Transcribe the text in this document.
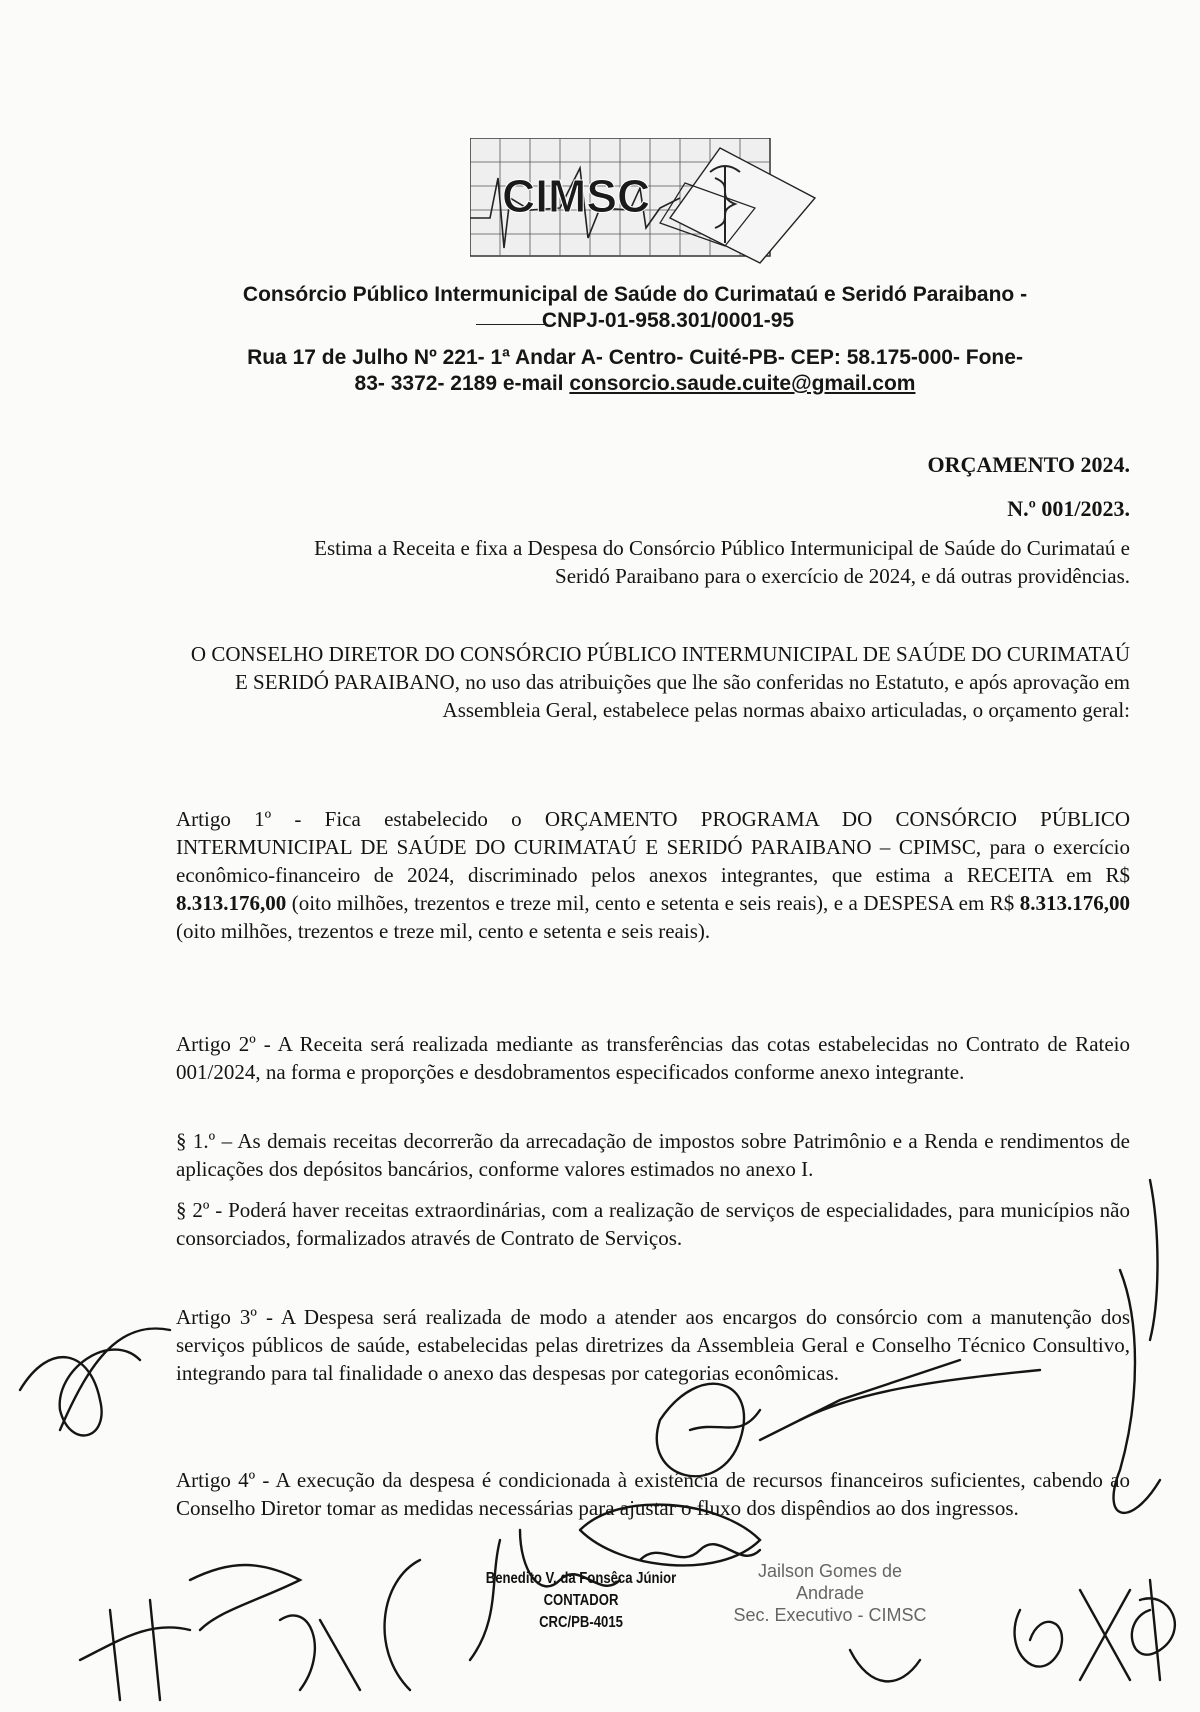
CIMSC
Consórcio Público Intermunicipal de Saúde do Curimataú e Seridó Paraibano -
CNPJ-01-958.301/0001-95
Rua 17 de Julho Nº 221- 1ª Andar A- Centro- Cuité-PB- CEP: 58.175-000- Fone-
83- 3372- 2189 e-mail consorcio.saude.cuite@gmail.com
ORÇAMENTO 2024.
N.º 001/2023.
Estima a Receita e fixa a Despesa do Consórcio Público Intermunicipal de Saúde do Curimataú e Seridó Paraibano para o exercício de 2024, e dá outras providências.
O CONSELHO DIRETOR DO CONSÓRCIO PÚBLICO INTERMUNICIPAL DE SAÚDE DO CURIMATAÚ E SERIDÓ PARAIBANO, no uso das atribuições que lhe são conferidas no Estatuto, e após aprovação em Assembleia Geral, estabelece pelas normas abaixo articuladas, o orçamento geral:
Artigo 1º - Fica estabelecido o ORÇAMENTO PROGRAMA DO CONSÓRCIO PÚBLICO INTERMUNICIPAL DE SAÚDE DO CURIMATAÚ E SERIDÓ PARAIBANO – CPIMSC, para o exercício econômico-financeiro de 2024, discriminado pelos anexos integrantes, que estima a RECEITA em R$ 8.313.176,00 (oito milhões, trezentos e treze mil, cento e setenta e seis reais), e a DESPESA em R$ 8.313.176,00 (oito milhões, trezentos e treze mil, cento e setenta e seis reais).
Artigo 2º - A Receita será realizada mediante as transferências das cotas estabelecidas no Contrato de Rateio 001/2024, na forma e proporções e desdobramentos especificados conforme anexo integrante.
§ 1.º – As demais receitas decorrerão da arrecadação de impostos sobre Patrimônio e a Renda e rendimentos de aplicações dos depósitos bancários, conforme valores estimados no anexo I.
§ 2º - Poderá haver receitas extraordinárias, com a realização de serviços de especialidades, para municípios não consorciados, formalizados através de Contrato de Serviços.
Artigo 3º - A Despesa será realizada de modo a atender aos encargos do consórcio com a manutenção dos serviços públicos de saúde, estabelecidas pelas diretrizes da Assembleia Geral e Conselho Técnico Consultivo, integrando para tal finalidade o anexo das despesas por categorias econômicas.
Artigo 4º - A execução da despesa é condicionada à existência de recursos financeiros suficientes, cabendo ao Conselho Diretor tomar as medidas necessárias para ajustar o fluxo dos dispêndios ao dos ingressos.
Benedito V. da Fonsêca Júnior
CONTADOR
CRC/PB-4015
Jailson Gomes de Andrade
Sec. Executivo - CIMSC
